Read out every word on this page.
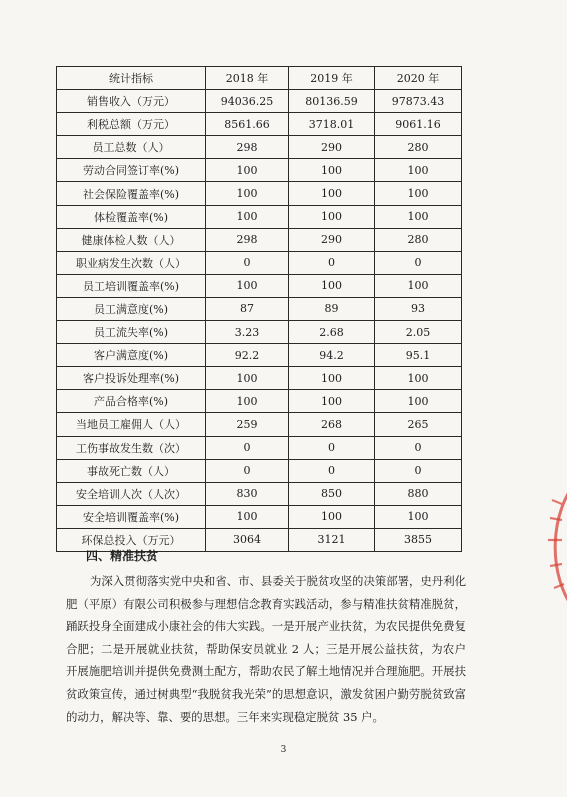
统计指标	2018 年	2019 年	2020 年
销售收入（万元）	94036.25	80136.59	97873.43
利税总额（万元）	8561.66	3718.01	9061.16
员工总数（人）	298	290	280
劳动合同签订率(%)	100	100	100
社会保险覆盖率(%)	100	100	100
体检覆盖率(%)	100	100	100
健康体检人数（人）	298	290	280
职业病发生次数（人）	0	0	0
员工培训覆盖率(%)	100	100	100
员工满意度(%)	87	89	93
员工流失率(%)	3.23	2.68	2.05
客户满意度(%)	92.2	94.2	95.1
客户投诉处理率(%)	100	100	100
产品合格率(%)	100	100	100
当地员工雇佣人（人）	259	268	265
工伤事故发生数（次）	0	0	0
事故死亡数（人）	0	0	0
安全培训人次（人次）	830	850	880
安全培训覆盖率(%)	100	100	100
环保总投入（万元）	3064	3121	3855
四、精准扶贫

为深入贯彻落实党中央和省、市、县委关于脱贫攻坚的决策部署，史丹利化肥（平原）有限公司积极参与理想信念教育实践活动，参与精准扶贫精准脱贫，踊跃投身全面建成小康社会的伟大实践。一是开展产业扶贫，为农民提供免费复合肥；二是开展就业扶贫，帮助保安员就业 2 人；三是开展公益扶贫，为农户开展施肥培训并提供免费测土配方，帮助农民了解土地情况并合理施肥。开展扶贫政策宣传，通过树典型“我脱贫我光荣”的思想意识，激发贫困户勤劳脱贫致富的动力，解决等、靠、要的思想。三年来实现稳定脱贫 35 户。

3
